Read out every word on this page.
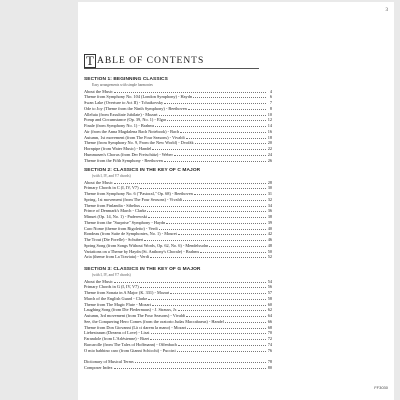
3
T ABLE OF CONTENTS
SECTION 1: BEGINNING CLASSICS
Easy arrangements with simple harmonies
About the Music	4
Theme from Symphony No. 104 (London Symphony) - Haydn	6
Swan Lake (Overture to Act II) - Tchaikovsky	7
Ode to Joy (Theme from the Ninth Symphony) - Beethoven	8
Alleluia (from Exsultate Jubilate) - Mozart	10
Pomp and Circumstance (Op. 39, No. 1) - Elgar	12
Finale (from Symphony No. 1) - Brahms	14
Air (from the Anna Magdalena Bach Notebook) - Bach	16
Autumn, 1st movement (from The Four Seasons) - Vivaldi	18
Theme (from Symphony No. 9, From the New World) - Dvořák	20
Hornpipe (from Water Music) - Handel	22
Hummasen's Chorus (from Der Freischütz) - Weber	24
Theme from the Fifth Symphony - Beethoven	26
SECTION 2: CLASSICS IN THE KEY OF C MAJOR
(with I, IV, and V7 chords)
About the Music	28
Primary Chords in C (I, IV, V7)	30
Theme from Symphony No. 6 ("Pastoral," Op. 68) - Beethoven	31
Spring, 1st movement (from The Four Seasons) - Vivaldi	32
Theme from Finlandia - Sibelius	34
Prince of Denmark's March - Clarke	36
Minuet (Op. 14, No. 1) - Paderewski	38
Theme from the "Surprise" Symphony - Haydn	39
Caro Nome (theme from Rigoletto) - Verdi	40
Rondeau (from Suite de Symphonies, No. 1) - Mouret	42
The Trout (Die Forelle) - Schubert	46
Spring Song (from Songs Without Words, Op. 62, No. 6) - Mendelssohn	48
Variations on a Theme by Haydn (St. Anthony's Chorale) - Brahms	50
Aria (theme from La Traviata) - Verdi	52
SECTION 3: CLASSICS IN THE KEY OF G MAJOR
(with I, IV, and V7 chords)
About the Music	54
Primary Chords in G (I, IV, V7)	56
Theme from Sonata in A Major (K. 331) - Mozart	57
March of the English Guard - Clarke	58
Theme from The Magic Flute - Mozart	60
Laughing Song (from Die Fledermaus) - J. Strauss, Jr.	62
Autumn, 3rd movement (from The Four Seasons) - Vivaldi	64
See, the Conquering Hero Comes (from the oratorio Judas Maccabaeus) - Handel	66
Theme from Don Giovanni (Là ci darem la mano) - Mozart	68
Liebestraum (Dreams of Love) - Liszt	70
Farandole (from L'Arlésienne) - Bizet	72
Barcarolle (from The Tales of Hoffmann) - Offenbach	74
O mio babbino caro (from Gianni Schicchi) - Puccini	76
Dictionary of Musical Terms	78
Composer Index	80
FF3030
